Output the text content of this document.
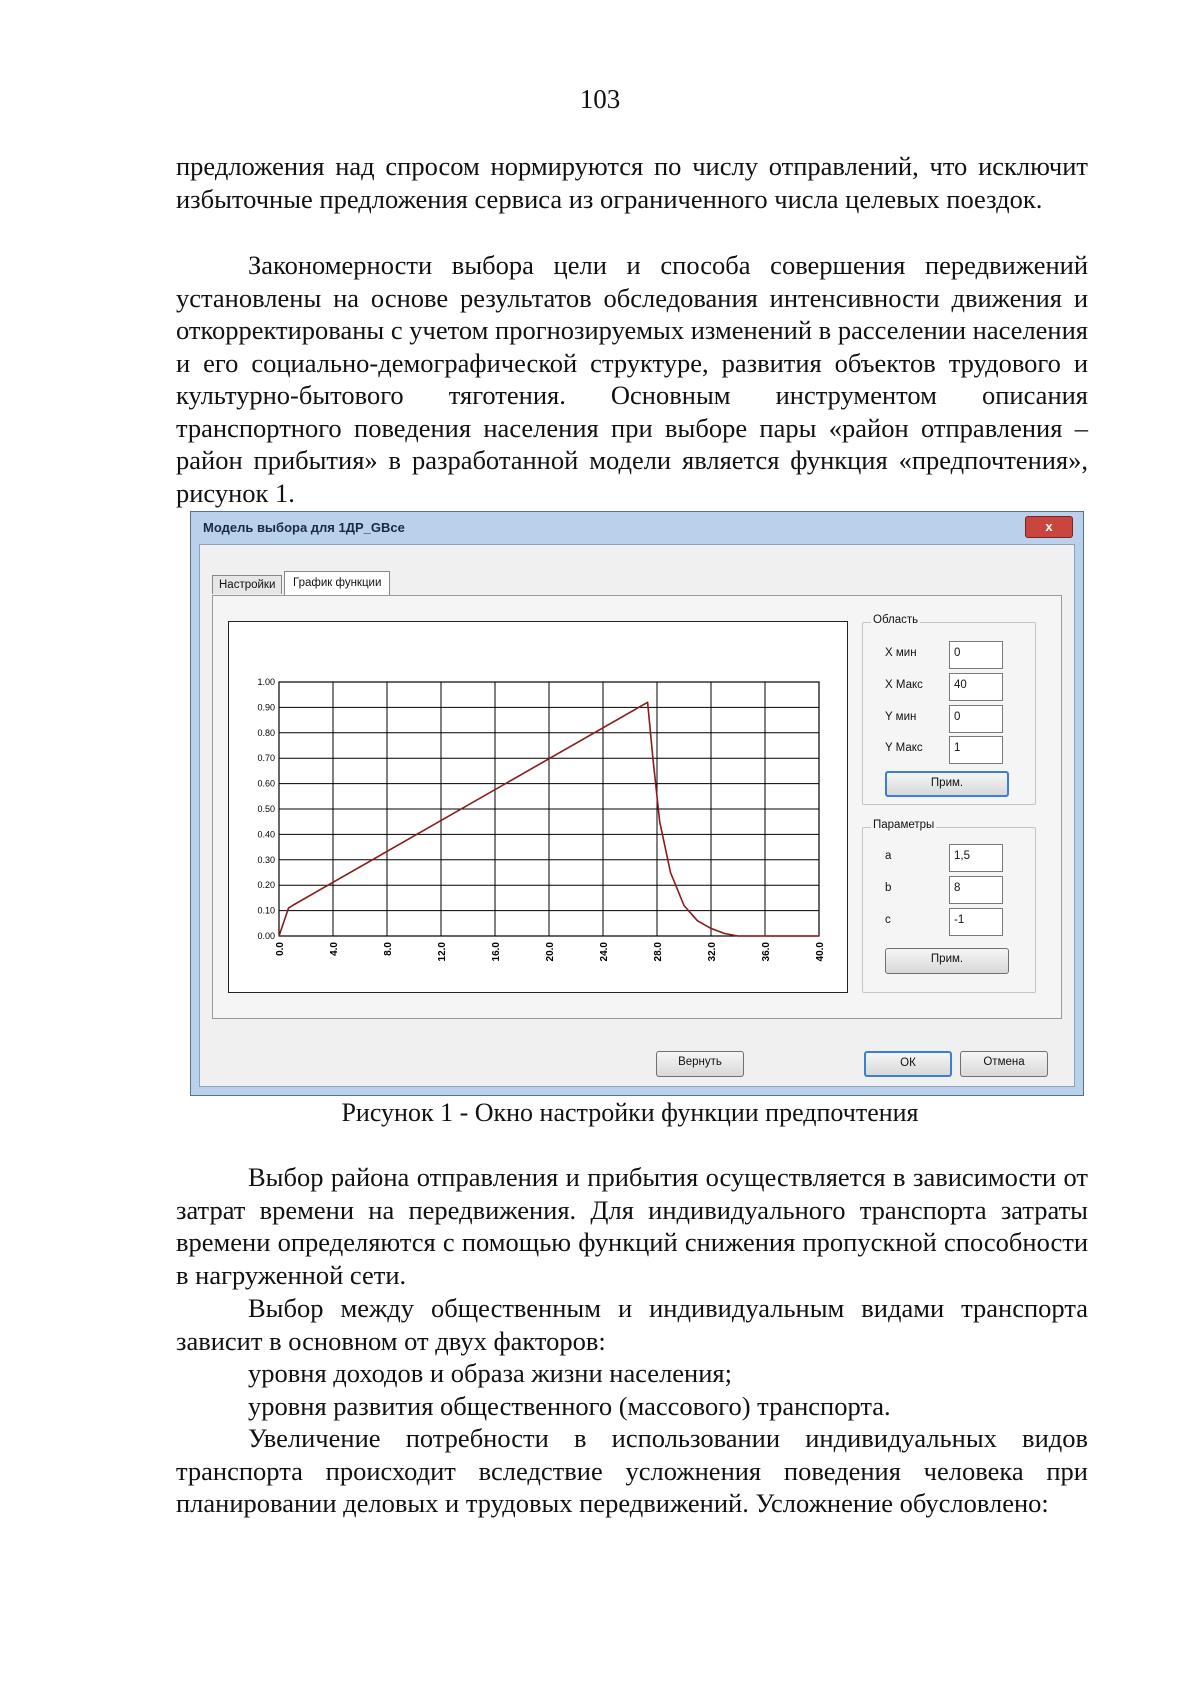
103

предложения над спросом нормируются по числу отправлений, что исключит избыточные предложения сервиса из ограниченного числа целевых поездок.

Закономерности выбора цели и способа совершения передвижений установлены на основе результатов обследования интенсивности движения и откорректированы с учетом прогнозируемых изменений в расселении населения и его социально-демографической структуре, развития объектов трудового и культурно-бытового тяготения. Основным инструментом описания транспортного поведения населения при выборе пары «район отправления – район прибытия» в разработанной модели является функция «предпочтения», рисунок 1.

Модель выбора для 1ДР_GBce	x
Настройки	График функции
0.0	4.0	8.0	12.0	16.0	20.0	24.0	28.0	32.0	36.0	40.0
0.00
0.10
0.20
0.30
0.40
0.50
0.60
0.70
0.80
0.90
1.00
Область
Х мин	0
Х Макс	40
Y мин	0
Y Макс	1
Прим.
Параметры
a	1,5
b	8
c	-1
Прим.
Вернуть	ОК	Отмена
Рисунок 1 - Окно настройки функции предпочтения

Выбор района отправления и прибытия осуществляется в зависимости от затрат времени на передвижения. Для индивидуального транспорта затраты времени определяются с помощью функций снижения пропускной способности в нагруженной сети.

Выбор между общественным и индивидуальным видами транспорта зависит в основном от двух факторов:

уровня доходов и образа жизни населения;

уровня развития общественного (массового) транспорта.

Увеличение потребности в использовании индивидуальных видов транспорта происходит вследствие усложнения поведения человека при планировании деловых и трудовых передвижений. Усложнение обусловлено:
